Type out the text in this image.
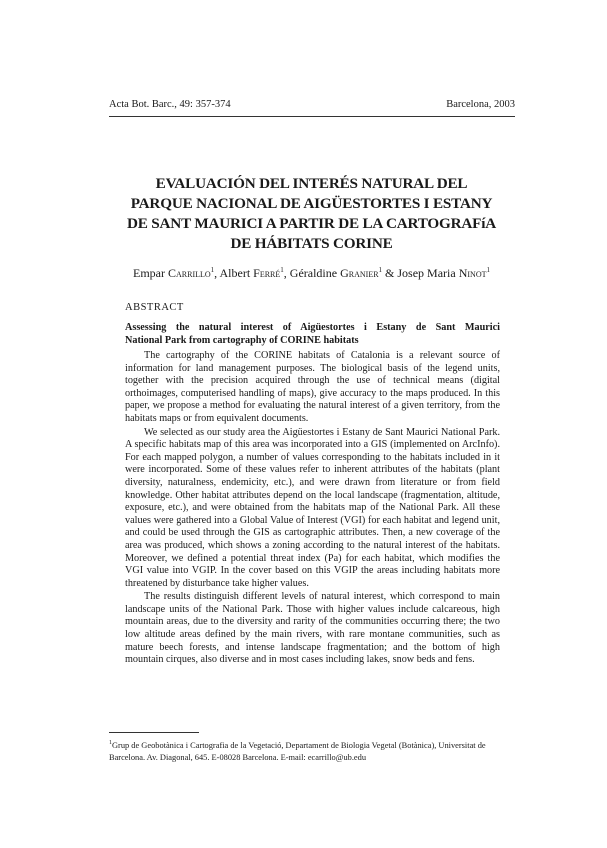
Acta Bot. Barc., 49: 357-374	Barcelona, 2003
EVALUACIÓN DEL INTERÉS NATURAL DEL
PARQUE NACIONAL DE AIGÜESTORTES I ESTANY
DE SANT MAURICI A PARTIR DE LA CARTOGRAFíA
DE HÁBITATS CORINE
Empar Carrillo$^1$, Albert Ferré$^1$, Géraldine Granier$^1$ & Josep Maria Ninot$^1$
ABSTRACT
Assessing the natural interest of Aigüestortes i Estany de Sant Maurici
National Park from cartography of CORINE habitats

The cartography of the CORINE habitats of Catalonia is a relevant source of information for land management purposes. The biological basis of the legend units, together with the precision acquired through the use of technical means (digital orthoimages, computerised handling of maps), give accuracy to the maps produced. In this paper, we propose a method for evaluating the natural interest of a given territory, from the habitats maps or from equivalent documents.

We selected as our study area the Aigüestortes i Estany de Sant Maurici National Park. A specific habitats map of this area was incorporated into a GIS (implemented on ArcInfo). For each mapped polygon, a number of values corresponding to the habitats included in it were incorporated. Some of these values refer to inherent attributes of the habitats (plant diversity, naturalness, endemicity, etc.), and were drawn from literature or from field knowledge. Other habitat attributes depend on the local landscape (fragmentation, altitude, exposure, etc.), and were obtained from the habitats map of the National Park. All these values were gathered into a Global Value of Interest (VGI) for each habitat and legend unit, and could be used through the GIS as cartographic attributes. Then, a new coverage of the area was produced, which shows a zoning according to the natural interest of the habitats. Moreover, we defined a potential threat index (Pa) for each habitat, which modifies the VGI value into VGIP. In the cover based on this VGIP the areas including habitats more threatened by disturbance take higher values.

The results distinguish different levels of natural interest, which correspond to main landscape units of the National Park. Those with higher values include calcareous, high mountain areas, due to the diversity and rarity of the communities occurring there; the two low altitude areas defined by the main rivers, with rare montane communities, such as mature beech forests, and intense landscape fragmentation; and the bottom of high mountain cirques, also diverse and in most cases including lakes, snow beds and fens.

$^1$Grup de Geobotànica i Cartografia de la Vegetació, Departament de Biologia Vegetal (Botànica), Universitat de Barcelona. Av. Diagonal, 645. E-08028 Barcelona. E-mail: ecarrillo@ub.edu
